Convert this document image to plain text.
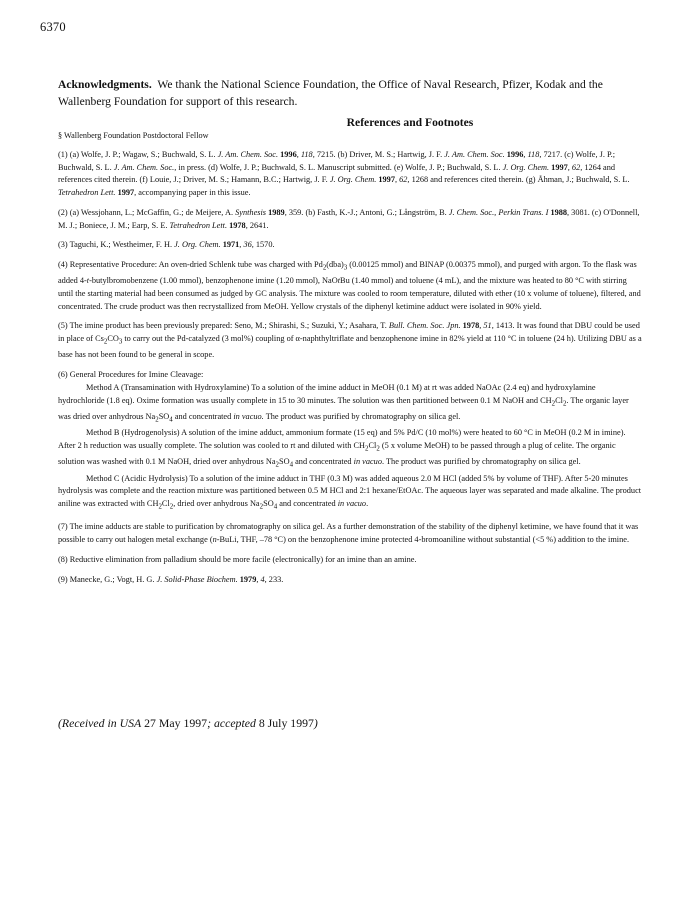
6370

Acknowledgments. We thank the National Science Foundation, the Office of Naval Research, Pfizer, Kodak and the Wallenberg Foundation for support of this research.

References and Footnotes
§ Wallenberg Foundation Postdoctoral Fellow

(1) (a) Wolfe, J. P.; Wagaw, S.; Buchwald, S. L. J. Am. Chem. Soc. 1996, 118, 7215. (b) Driver, M. S.; Hartwig, J. F. J. Am. Chem. Soc. 1996, 118, 7217. (c) Wolfe, J. P.; Buchwald, S. L. J. Am. Chem. Soc., in press. (d) Wolfe, J. P.; Buchwald, S. L. Manuscript submitted. (e) Wolfe, J. P.; Buchwald, S. L. J. Org. Chem. 1997, 62, 1264 and references cited therein. (f) Louie, J.; Driver, M. S.; Hamann, B.C.; Hartwig, J. F. J. Org. Chem. 1997, 62, 1268 and references cited therein. (g) Åhman, J.; Buchwald, S. L. Tetrahedron Lett. 1997, accompanying paper in this issue.

(2) (a) Wessjohann, L.; McGaffin, G.; de Meijere, A. Synthesis 1989, 359. (b) Fasth, K.-J.; Antoni, G.; Långström, B. J. Chem. Soc., Perkin Trans. I 1988, 3081. (c) O'Donnell, M. J.; Boniece, J. M.; Earp, S. E. Tetrahedron Lett. 1978, 2641.

(3) Taguchi, K.; Westheimer, F. H. J. Org. Chem. 1971, 36, 1570.

(4) Representative Procedure: An oven-dried Schlenk tube was charged with $Pd_2(dba)_3$ (0.00125 mmol) and BINAP (0.00375 mmol), and purged with argon. To the flask was added 4-t-butylbromobenzene (1.00 mmol), benzophenone imine (1.20 mmol), NaOtBu (1.40 mmol) and toluene (4 mL), and the mixture was heated to 80 °C with stirring until the starting material had been consumed as judged by GC analysis. The mixture was cooled to room temperature, diluted with ether (10 x volume of toluene), filtered, and concentrated. The crude product was then recrystallized from MeOH. Yellow crystals of the diphenyl ketimine adduct were isolated in 90% yield.

(5) The imine product has been previously prepared: Seno, M.; Shirashi, S.; Suzuki, Y.; Asahara, T. Bull. Chem. Soc. Jpn. 1978, 51, 1413. It was found that DBU could be used in place of $Cs_2CO_3$ to carry out the Pd-catalyzed (3 mol%) coupling of α-naphthyltriflate and benzophenone imine in 82% yield at 110 °C in toluene (24 h). Utilizing DBU as a base has not been found to be general in scope.

(6) General Procedures for Imine Cleavage:

Method A (Transamination with Hydroxylamine) To a solution of the imine adduct in MeOH (0.1 M) at rt was added NaOAc (2.4 eq) and hydroxylamine hydrochloride (1.8 eq). Oxime formation was usually complete in 15 to 30 minutes. The solution was then partitioned between 0.1 M NaOH and $CH_2Cl_2$. The organic layer was dried over anhydrous $Na_2SO_4$ and concentrated in vacuo. The product was purified by chromatography on silica gel.

Method B (Hydrogenolysis) A solution of the imine adduct, ammonium formate (15 eq) and 5% Pd/C (10 mol%) were heated to 60 °C in MeOH (0.2 M in imine). After 2 h reduction was usually complete. The solution was cooled to rt and diluted with $CH_2Cl_2$ (5 x volume MeOH) to be passed through a plug of celite. The organic solution was washed with 0.1 M NaOH, dried over anhydrous $Na_2SO_4$ and concentrated in vacuo. The product was purified by chromatography on silica gel.

Method C (Acidic Hydrolysis) To a solution of the imine adduct in THF (0.3 M) was added aqueous 2.0 M HCl (added 5% by volume of THF). After 5-20 minutes hydrolysis was complete and the reaction mixture was partitioned between 0.5 M HCl and 2:1 hexane/EtOAc. The aqueous layer was separated and made alkaline. The product aniline was extracted with $CH_2Cl_2$, dried over anhydrous $Na_2SO_4$ and concentrated in vacuo.

(7) The imine adducts are stable to purification by chromatography on silica gel. As a further demonstration of the stability of the diphenyl ketimine, we have found that it was possible to carry out halogen metal exchange (n-BuLi, THF, –78 °C) on the benzophenone imine protected 4-bromoaniline without substantial (<5 %) addition to the imine.

(8) Reductive elimination from palladium should be more facile (electronically) for an imine than an amine.

(9) Manecke, G.; Vogt, H. G. J. Solid-Phase Biochem. 1979, 4, 233.

(Received in USA 27 May 1997; accepted 8 July 1997)
